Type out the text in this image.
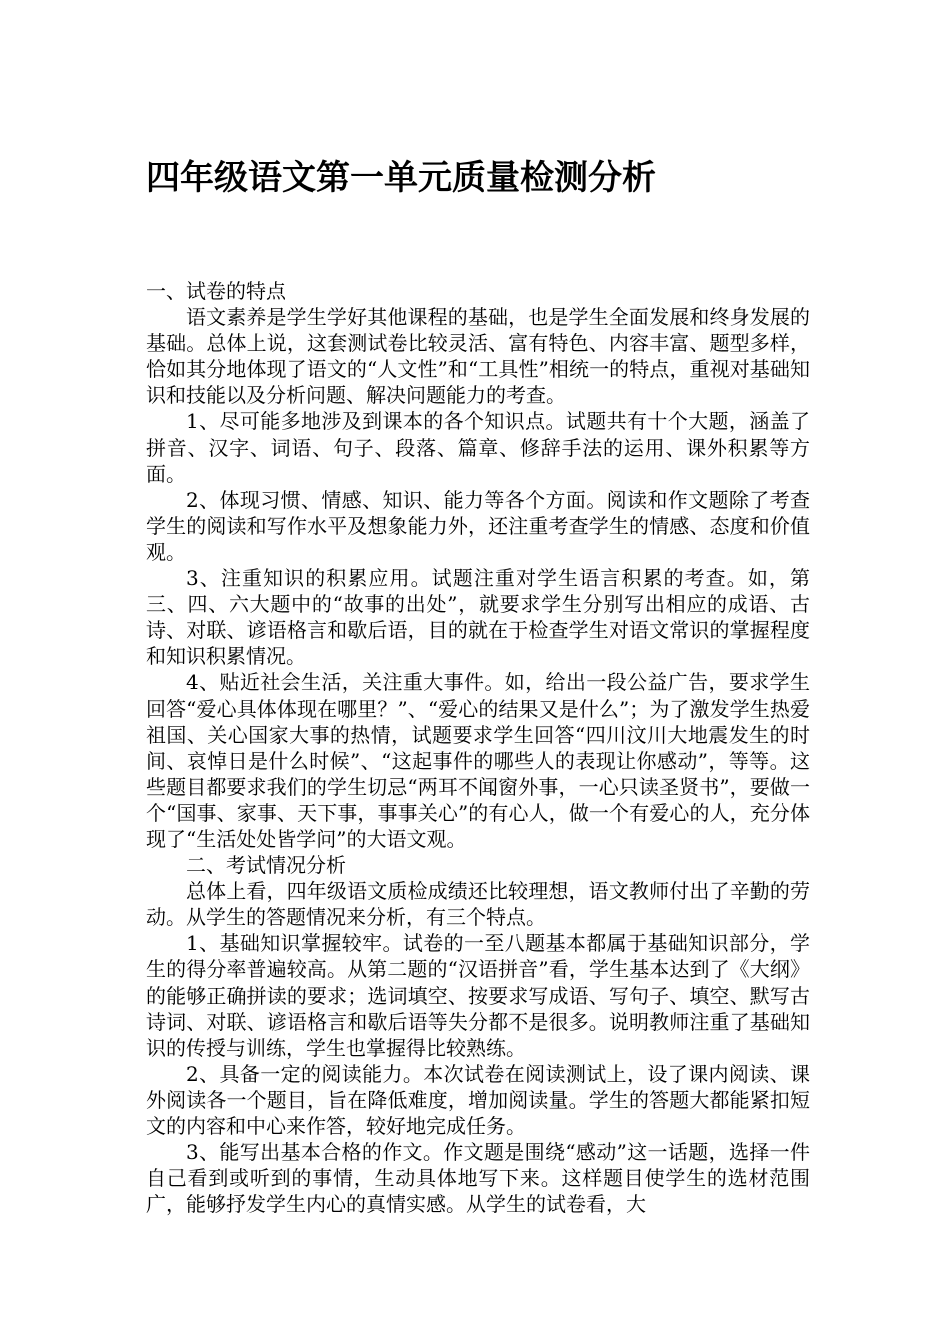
四年级语文第一单元质量检测分析

一、试卷的特点

语文素养是学生学好其他课程的基础，也是学生全面发展和终身发展的基础。总体上说，这套测试卷比较灵活、富有特色、内容丰富、题型多样，恰如其分地体现了语文的“人文性”和“工具性”相统一的特点，重视对基础知识和技能以及分析问题、解决问题能力的考查。

1、尽可能多地涉及到课本的各个知识点。试题共有十个大题，涵盖了拼音、汉字、词语、句子、段落、篇章、修辞手法的运用、课外积累等方面。

2、体现习惯、情感、知识、能力等各个方面。阅读和作文题除了考查学生的阅读和写作水平及想象能力外，还注重考查学生的情感、态度和价值观。

3、注重知识的积累应用。试题注重对学生语言积累的考查。如，第三、四、六大题中的“故事的出处”，就要求学生分别写出相应的成语、古诗、对联、谚语格言和歇后语，目的就在于检查学生对语文常识的掌握程度和知识积累情况。

4、贴近社会生活，关注重大事件。如，给出一段公益广告，要求学生回答“爱心具体体现在哪里？”、“爱心的结果又是什么”；为了激发学生热爱祖国、关心国家大事的热情，试题要求学生回答“四川汶川大地震发生的时间、哀悼日是什么时候”、“这起事件的哪些人的表现让你感动”，等等。这些题目都要求我们的学生切忌“两耳不闻窗外事，一心只读圣贤书”，要做一个“国事、家事、天下事，事事关心”的有心人，做一个有爱心的人，充分体现了“生活处处皆学问”的大语文观。

二、考试情况分析

总体上看，四年级语文质检成绩还比较理想，语文教师付出了辛勤的劳动。从学生的答题情况来分析，有三个特点。

1、基础知识掌握较牢。试卷的一至八题基本都属于基础知识部分，学生的得分率普遍较高。从第二题的“汉语拼音”看，学生基本达到了《大纲》的能够正确拼读的要求；选词填空、按要求写成语、写句子、填空、默写古诗词、对联、谚语格言和歇后语等失分都不是很多。说明教师注重了基础知识的传授与训练，学生也掌握得比较熟练。

2、具备一定的阅读能力。本次试卷在阅读测试上，设了课内阅读、课外阅读各一个题目，旨在降低难度，增加阅读量。学生的答题大都能紧扣短文的内容和中心来作答，较好地完成任务。

3、能写出基本合格的作文。作文题是围绕“感动”这一话题，选择一件自己看到或听到的事情，生动具体地写下来。这样题目使学生的选材范围广，能够抒发学生内心的真情实感。从学生的试卷看，大
